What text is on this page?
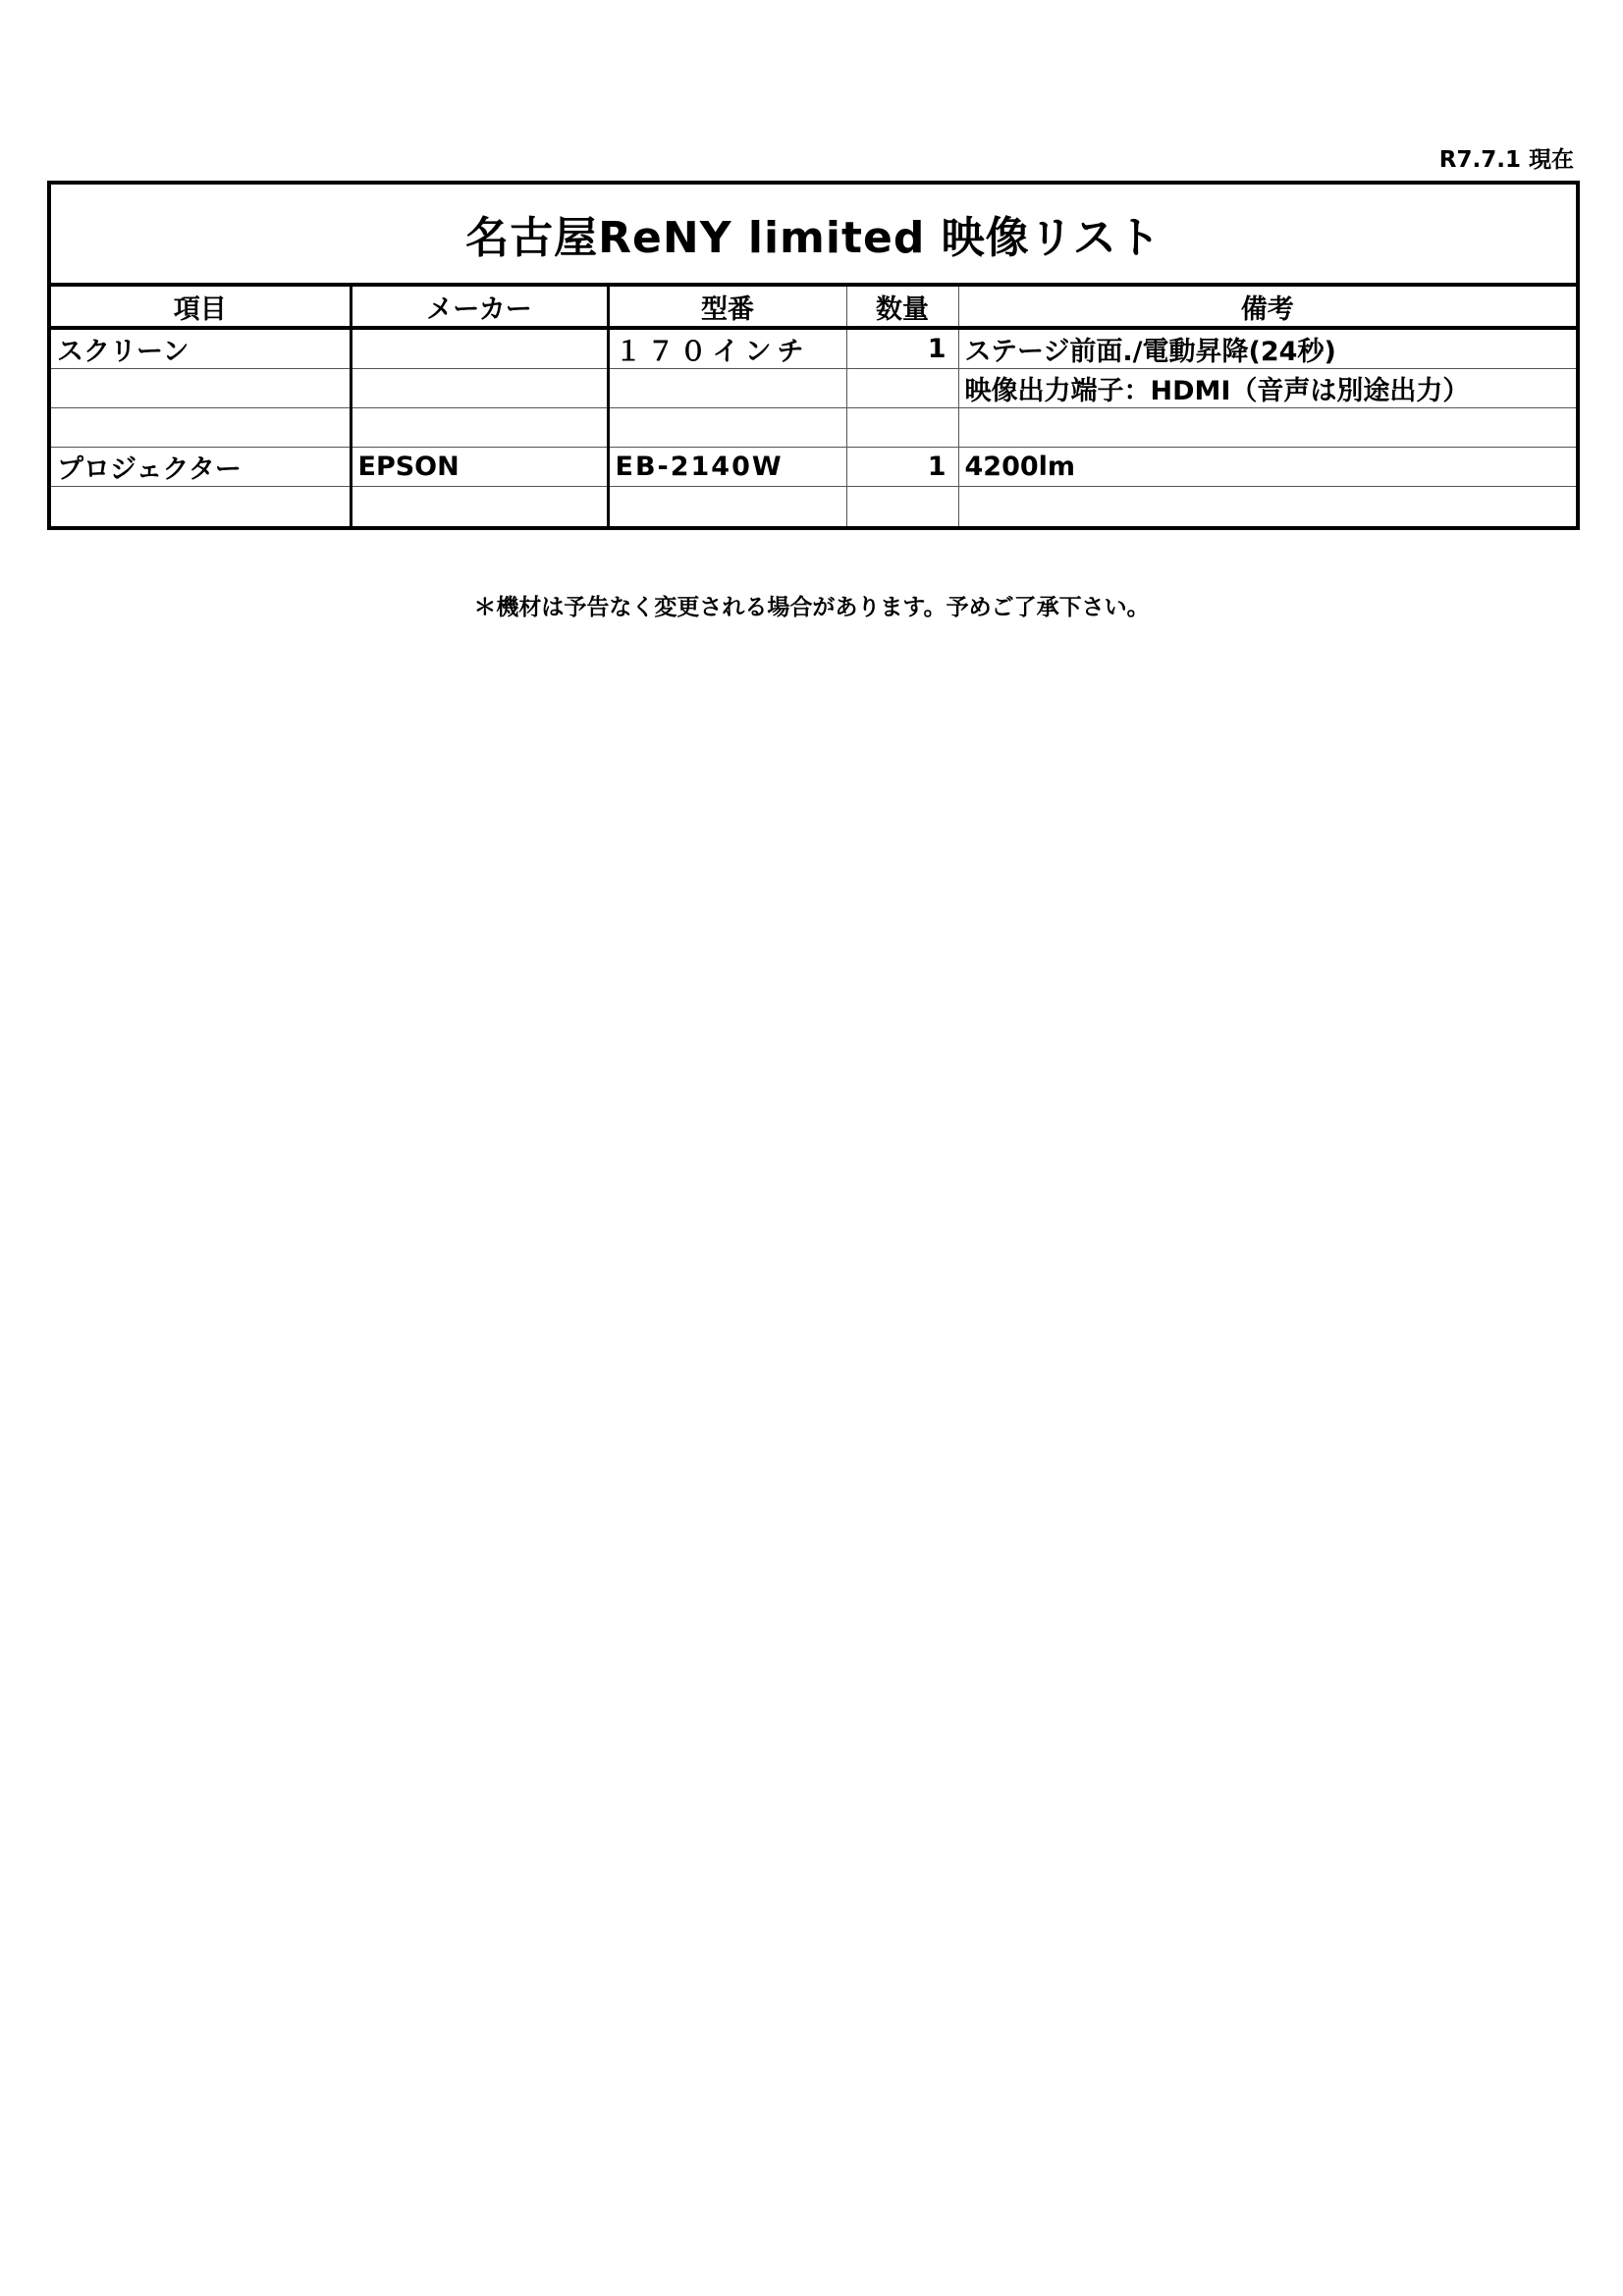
R7.7.1 現在
名古屋ReNY limited 映像リスト
項目	メーカー	型番	数量	備考
スクリーン		１７０インチ	1	ステージ前面./電動昇降(24秒)
				映像出力端子：HDMI（音声は別途出力）

プロジェクター	EPSON	EB-2140W	1	4200lm

＊機材は予告なく変更される場合があります。予めご了承下さい。
